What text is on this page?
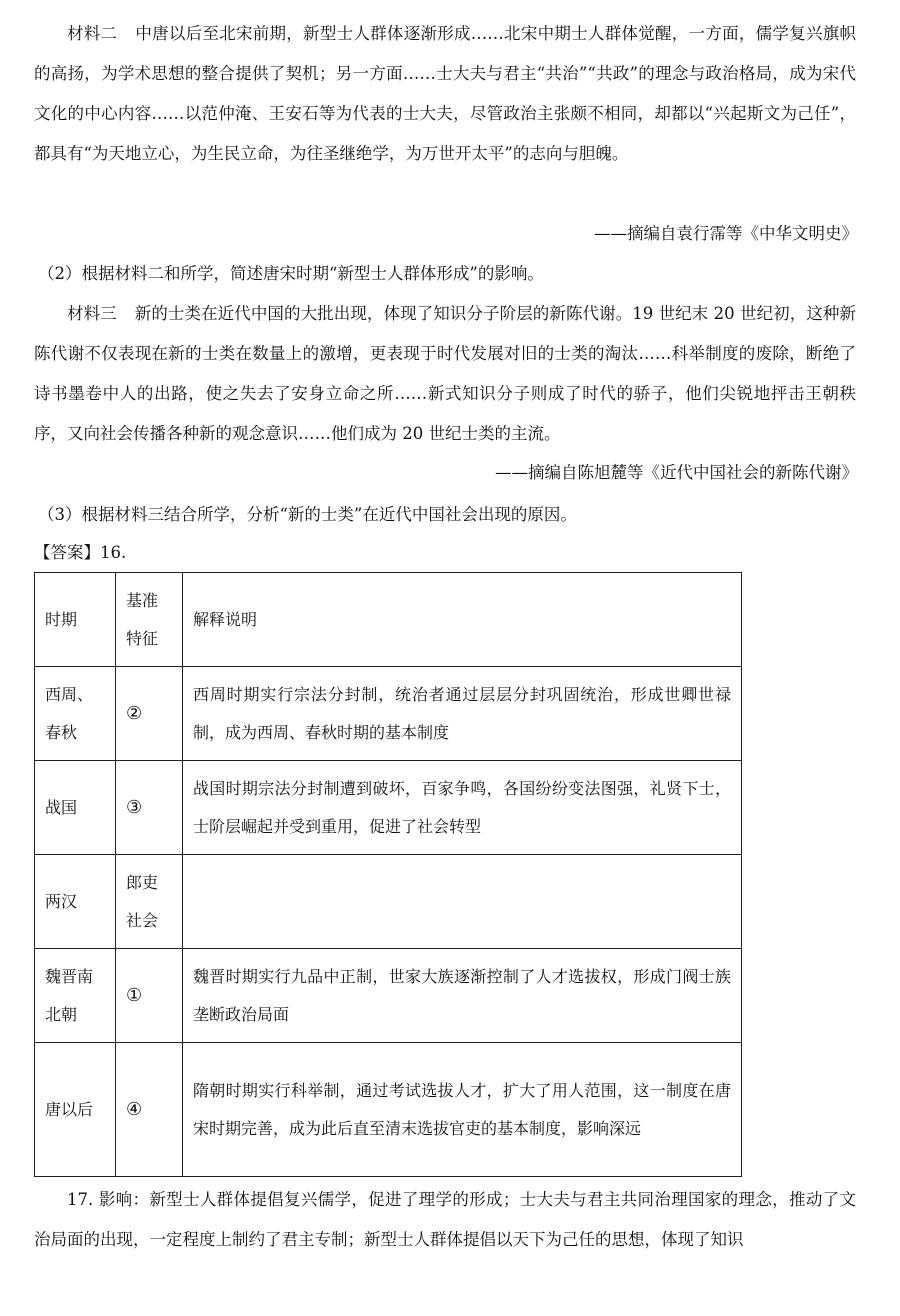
材料二 中唐以后至北宋前期，新型士人群体逐渐形成……北宋中期士人群体觉醒，一方面，儒学复兴旗帜的高扬，为学术思想的整合提供了契机；另一方面……士大夫与君主“共治”“共政”的理念与政治格局，成为宋代文化的中心内容……以范仲淹、王安石等为代表的士大夫，尽管政治主张颇不相同，却都以“兴起斯文为己任”，都具有“为天地立心，为生民立命，为往圣继绝学，为万世开太平”的志向与胆魄。

——摘编自袁行霈等《中华文明史》

（2）根据材料二和所学，简述唐宋时期“新型士人群体形成”的影响。

材料三 新的士类在近代中国的大批出现，体现了知识分子阶层的新陈代谢。19 世纪末 20 世纪初，这种新陈代谢不仅表现在新的士类在数量上的激增，更表现于时代发展对旧的士类的淘汰……科举制度的废除，断绝了诗书墨卷中人的出路，使之失去了安身立命之所……新式知识分子则成了时代的骄子，他们尖锐地抨击王朝秩序，又向社会传播各种新的观念意识……他们成为 20 世纪士类的主流。

——摘编自陈旭麓等《近代中国社会的新陈代谢》

（3）根据材料三结合所学，分析“新的士类”在近代中国社会出现的原因。

【答案】16.

时期	基准特征	解释说明
西周、春秋	②	西周时期实行宗法分封制，统治者通过层层分封巩固统治，形成世卿世禄制，成为西周、春秋时期的基本制度
战国	③	战国时期宗法分封制遭到破坏，百家争鸣，各国纷纷变法图强，礼贤下士，士阶层崛起并受到重用，促进了社会转型
两汉	郎吏社会	
魏晋南北朝	①	魏晋时期实行九品中正制，世家大族逐渐控制了人才选拔权，形成门阀士族垄断政治局面
唐以后	④	隋朝时期实行科举制，通过考试选拔人才，扩大了用人范围，这一制度在唐宋时期完善，成为此后直至清末选拔官吏的基本制度，影响深远

17. 影响：新型士人群体提倡复兴儒学，促进了理学的形成；士大夫与君主共同治理国家的理念，推动了文治局面的出现，一定程度上制约了君主专制；新型士人群体提倡以天下为己任的思想，体现了知识
